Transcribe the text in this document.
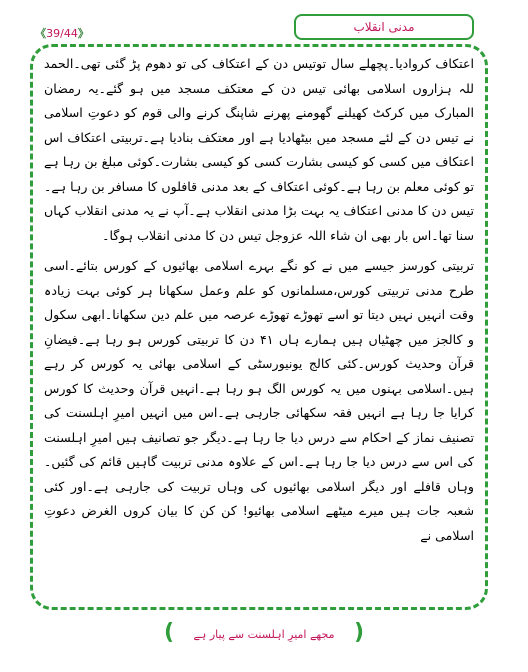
مدنی انقلاب
《39/44》

اعتکاف کروادیا۔پچھلے سال توتیس دن کے اعتکاف کی تو دھوم پڑ گئی تھی۔الحمد للہ ہزاروں اسلامی بھائی تیس دن کے معتکف مسجد میں ہو گئے۔یہ رمضان المبارک میں کرکٹ کھیلنے گھومنے پھرنے شاپنگ کرنے والی قوم کو دعوتِ اسلامی نے تیس دن کے لئے مسجد میں بیٹھادیا ہے اور معتکف بنادیا ہے۔تربیتی اعتکاف اس اعتکاف میں کسی کو کیسی بشارت کسی کو کیسی بشارت۔کوئی مبلغ بن رہا ہے تو کوئی معلم بن رہا ہے۔کوئی اعتکاف کے بعد مدنی قافلوں کا مسافر بن رہا ہے۔تیس دن کا مدنی اعتکاف یہ بہت بڑا مدنی انقلاب ہے۔آپ نے یہ مدنی انقلاب کہاں سنا تھا۔اس بار بھی ان شاء اللہ عزوجل تیس دن کا مدنی انقلاب ہوگا۔

تربیتی کورسز جیسے میں نے کو نگے بہرے اسلامی بھائیوں کے کورس بتائے۔اسی طرح مدنی تربیتی کورس،مسلمانوں کو علم وعمل سکھانا ہر کوئی بہت زیادہ وقت انہیں نہیں دیتا تو اسے تھوڑے تھوڑے عرصہ میں علم دین سکھانا۔ابھی سکول و کالجز میں چھٹیاں ہیں ہمارے ہاں ۴۱ دن کا تربیتی کورس ہو رہا ہے۔فیضانِ قرآن وحدیث کورس۔کئی کالج یونیورسٹی کے اسلامی بھائی یہ کورس کر رہے ہیں۔اسلامی بہنوں میں یہ کورس الگ ہو رہا ہے۔انہیں قرآن وحدیث کا کورس کرایا جا رہا ہے انہیں فقہ سکھائی جارہی ہے۔اس میں انہیں امیرِ اہلسنت کی تصنیف نماز کے احکام سے درس دیا جا رہا ہے۔دیگر جو تصانیف ہیں امیرِ اہلسنت کی اس سے درس دیا جا رہا ہے۔اس کے علاوہ مدنی تربیت گاہیں قائم کی گئیں۔وہاں قافلے اور دیگر اسلامی بھائیوں کی وہاں تربیت کی جارہی ہے۔اور کئی شعبہ جات ہیں میرے میٹھے اسلامی بھائیو! کن کن کا بیان کروں الغرض دعوتِ اسلامی نے

( مجھے امیرِ اہلسنت سے پیار ہے )
